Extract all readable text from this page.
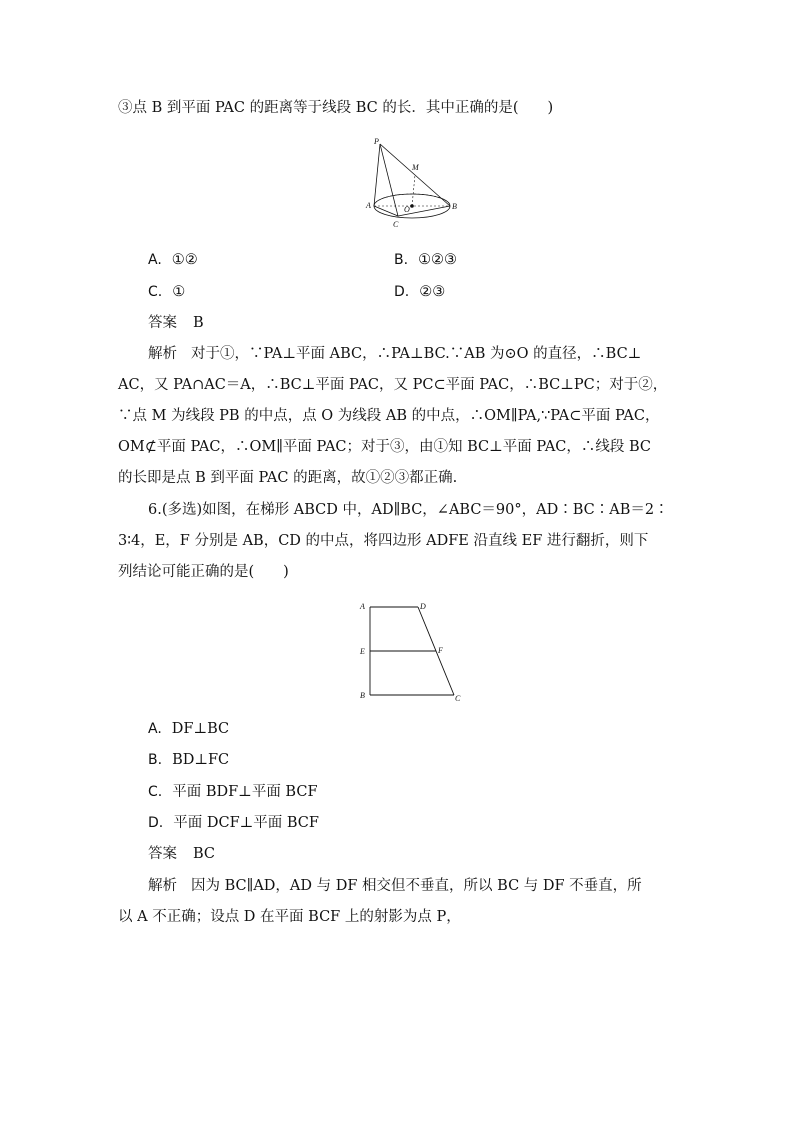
③点 B 到平面 PAC 的距离等于线段 BC 的长．其中正确的是(　　)
P
M
A	O	B
C
A. ①②	B. ①②③
C. ①	D. ②③
答案 B
解析 对于①，∵PA⊥平面 ABC，∴PA⊥BC.∵AB 为⊙O 的直径，∴BC⊥
AC，又 PA∩AC＝A，∴BC⊥平面 PAC，又 PC⊂平面 PAC，∴BC⊥PC；对于②，
∵点 M 为线段 PB 的中点，点 O 为线段 AB 的中点，∴OM∥PA,∵PA⊂平面 PAC，
OM⊄平面 PAC，∴OM∥平面 PAC；对于③，由①知 BC⊥平面 PAC，∴线段 BC
的长即是点 B 到平面 PAC 的距离，故①②③都正确.
6.(多选)如图，在梯形 ABCD 中，AD∥BC，∠ABC＝90°，AD∶BC∶AB＝2∶
3∶4，E，F 分别是 AB，CD 的中点，将四边形 ADFE 沿直线 EF 进行翻折，则下
列结论可能正确的是(　　)
A	D
E	F
B	C
A. DF⊥BC
B. BD⊥FC
C. 平面 BDF⊥平面 BCF
D. 平面 DCF⊥平面 BCF
答案 BC
解析 因为 BC∥AD，AD 与 DF 相交但不垂直，所以 BC 与 DF 不垂直，所
以 A 不正确；设点 D 在平面 BCF 上的射影为点 P，
